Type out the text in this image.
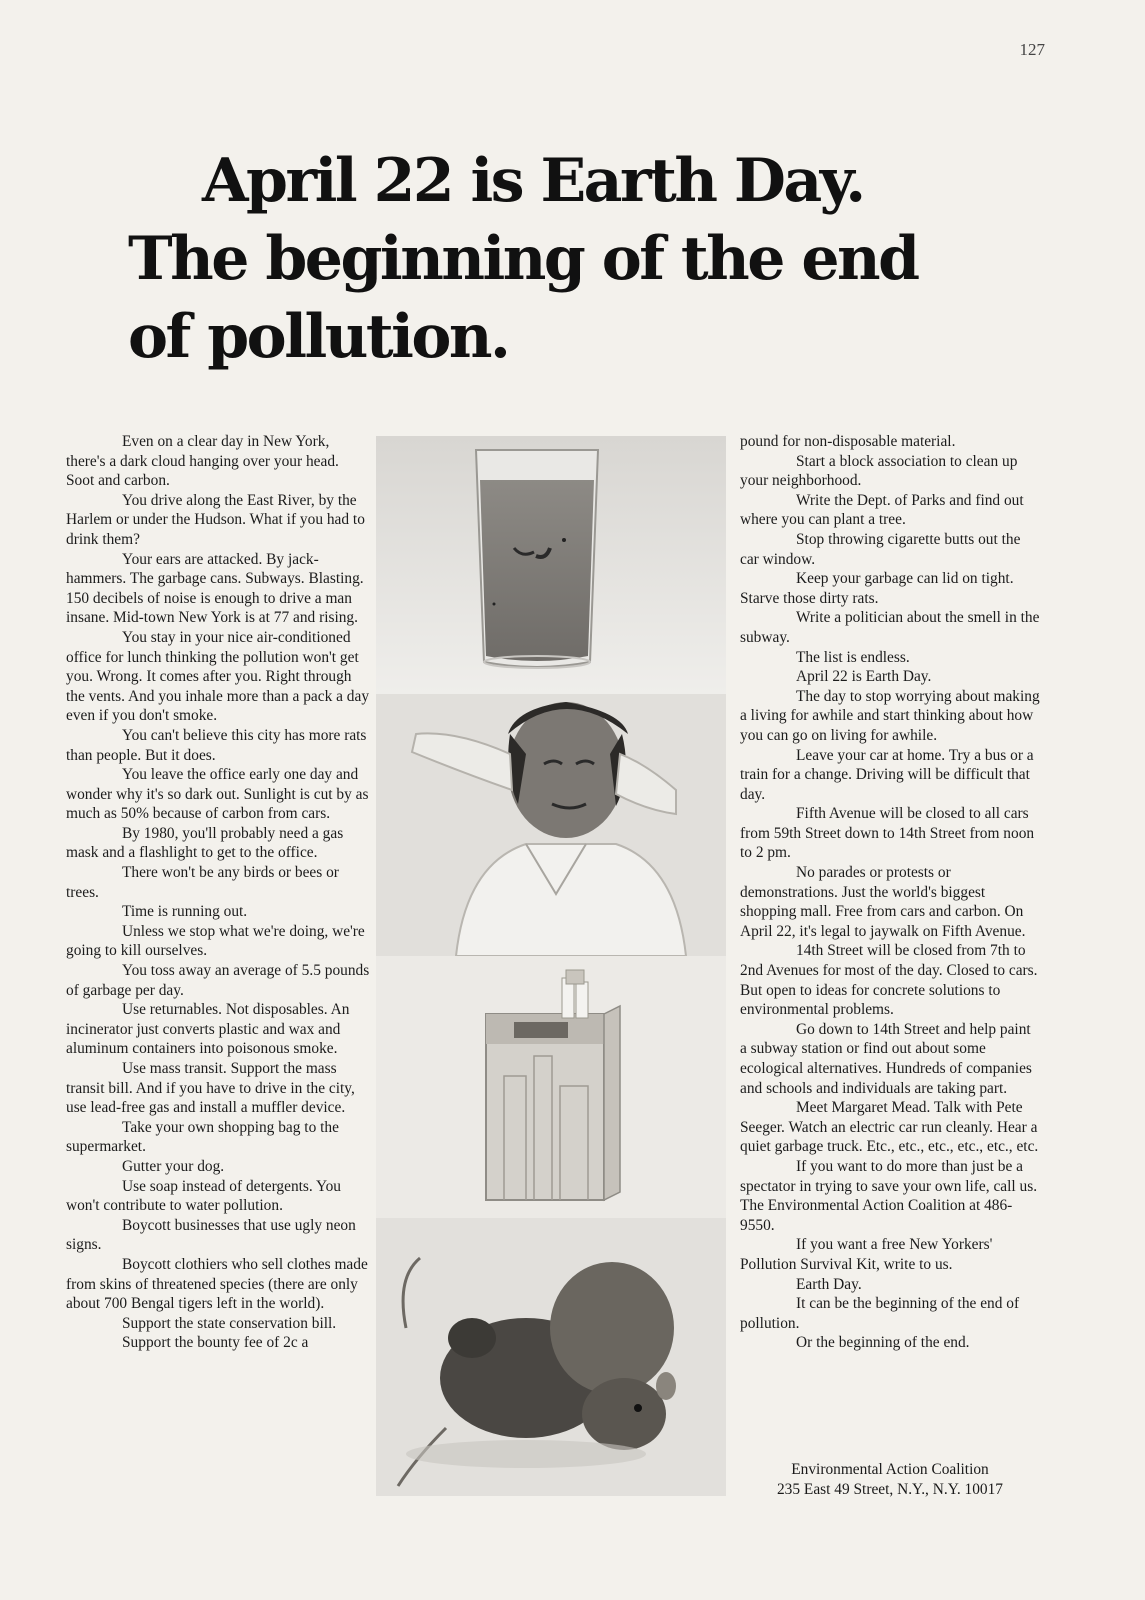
127
April 22 is Earth Day.
The beginning of the end
of pollution.

Even on a clear day in New York, there's a dark cloud hanging over your head. Soot and carbon.

You drive along the East River, by the Harlem or under the Hudson. What if you had to drink them?

Your ears are attacked. By jack-hammers. The garbage cans. Subways. Blasting. 150 decibels of noise is enough to drive a man insane. Mid-town New York is at 77 and rising.

You stay in your nice air-conditioned office for lunch thinking the pollution won't get you. Wrong. It comes after you. Right through the vents. And you inhale more than a pack a day even if you don't smoke.

You can't believe this city has more rats than people. But it does.

You leave the office early one day and wonder why it's so dark out. Sunlight is cut by as much as 50% because of carbon from cars.

By 1980, you'll probably need a gas mask and a flashlight to get to the office.

There won't be any birds or bees or trees.

Time is running out.

Unless we stop what we're doing, we're going to kill ourselves.

You toss away an average of 5.5 pounds of garbage per day.

Use returnables. Not disposables. An incinerator just converts plastic and wax and aluminum containers into poisonous smoke.

Use mass transit. Support the mass transit bill. And if you have to drive in the city, use lead-free gas and install a muffler device.

Take your own shopping bag to the supermarket.

Gutter your dog.

Use soap instead of detergents. You won't contribute to water pollution.

Boycott businesses that use ugly neon signs.

Boycott clothiers who sell clothes made from skins of threatened species (there are only about 700 Bengal tigers left in the world).

Support the state conservation bill.

Support the bounty fee of 2c a

pound for non-disposable material.

Start a block association to clean up your neighborhood.

Write the Dept. of Parks and find out where you can plant a tree.

Stop throwing cigarette butts out the car window.

Keep your garbage can lid on tight. Starve those dirty rats.

Write a politician about the smell in the subway.

The list is endless.

April 22 is Earth Day.

The day to stop worrying about making a living for awhile and start thinking about how you can go on living for awhile.

Leave your car at home. Try a bus or a train for a change. Driving will be difficult that day.

Fifth Avenue will be closed to all cars from 59th Street down to 14th Street from noon to 2 pm.

No parades or protests or demonstrations. Just the world's biggest shopping mall. Free from cars and carbon. On April 22, it's legal to jaywalk on Fifth Avenue.

14th Street will be closed from 7th to 2nd Avenues for most of the day. Closed to cars. But open to ideas for concrete solutions to environmental problems.

Go down to 14th Street and help paint a subway station or find out about some ecological alternatives. Hundreds of companies and schools and individuals are taking part.

Meet Margaret Mead. Talk with Pete Seeger. Watch an electric car run cleanly. Hear a quiet garbage truck. Etc., etc., etc., etc., etc., etc.

If you want to do more than just be a spectator in trying to save your own life, call us. The Environmental Action Coalition at 486-9550.

If you want a free New Yorkers' Pollution Survival Kit, write to us.

Earth Day.

It can be the beginning of the end of pollution.

Or the beginning of the end.

Environmental Action Coalition
235 East 49 Street, N.Y., N.Y. 10017
